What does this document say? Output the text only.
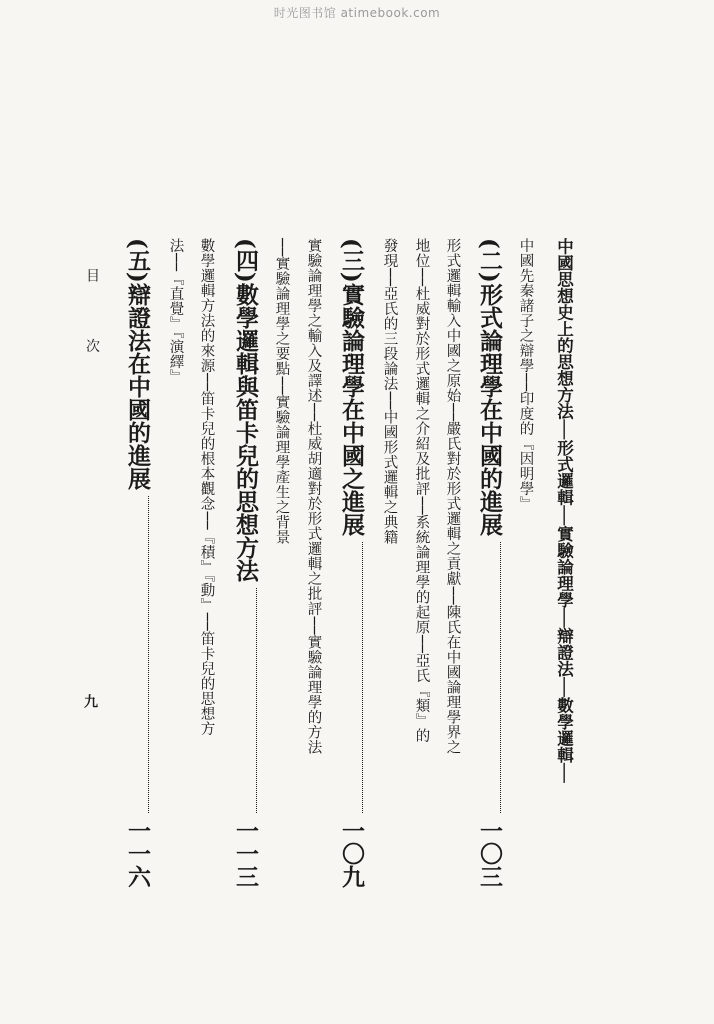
时光图书馆 atimebook.com
中國思想史上的思想方法──形式邏輯──實驗論理學──辯證法──數學邏輯──
中國先秦諸子之辯學──印度的『因明學』
(二)形式論理學在中國的進展
一〇三
形式邏輯輸入中國之原始──嚴氏對於形式邏輯之貢獻──陳氏在中國論理學界之
地位──杜威對於形式邏輯之介紹及批評──系統論理學的起原──亞氏『類』的
發現──亞氏的三段論法──中國形式邏輯之典籍
(三)實驗論理學在中國之進展
一〇九
實驗論理學之輸入及譯述──杜威胡適對於形式邏輯之批評──實驗論理學的方法
──實驗論理學之要點──實驗論理學產生之背景
(四)數學邏輯與笛卡兒的思想方法
一一三
數學邏輯方法的來源──笛卡兒的根本觀念──『積』『動』──笛卡兒的思想方
法──『直覺』『演繹』
(五)辯證法在中國的進展
一一六
目 次
九
